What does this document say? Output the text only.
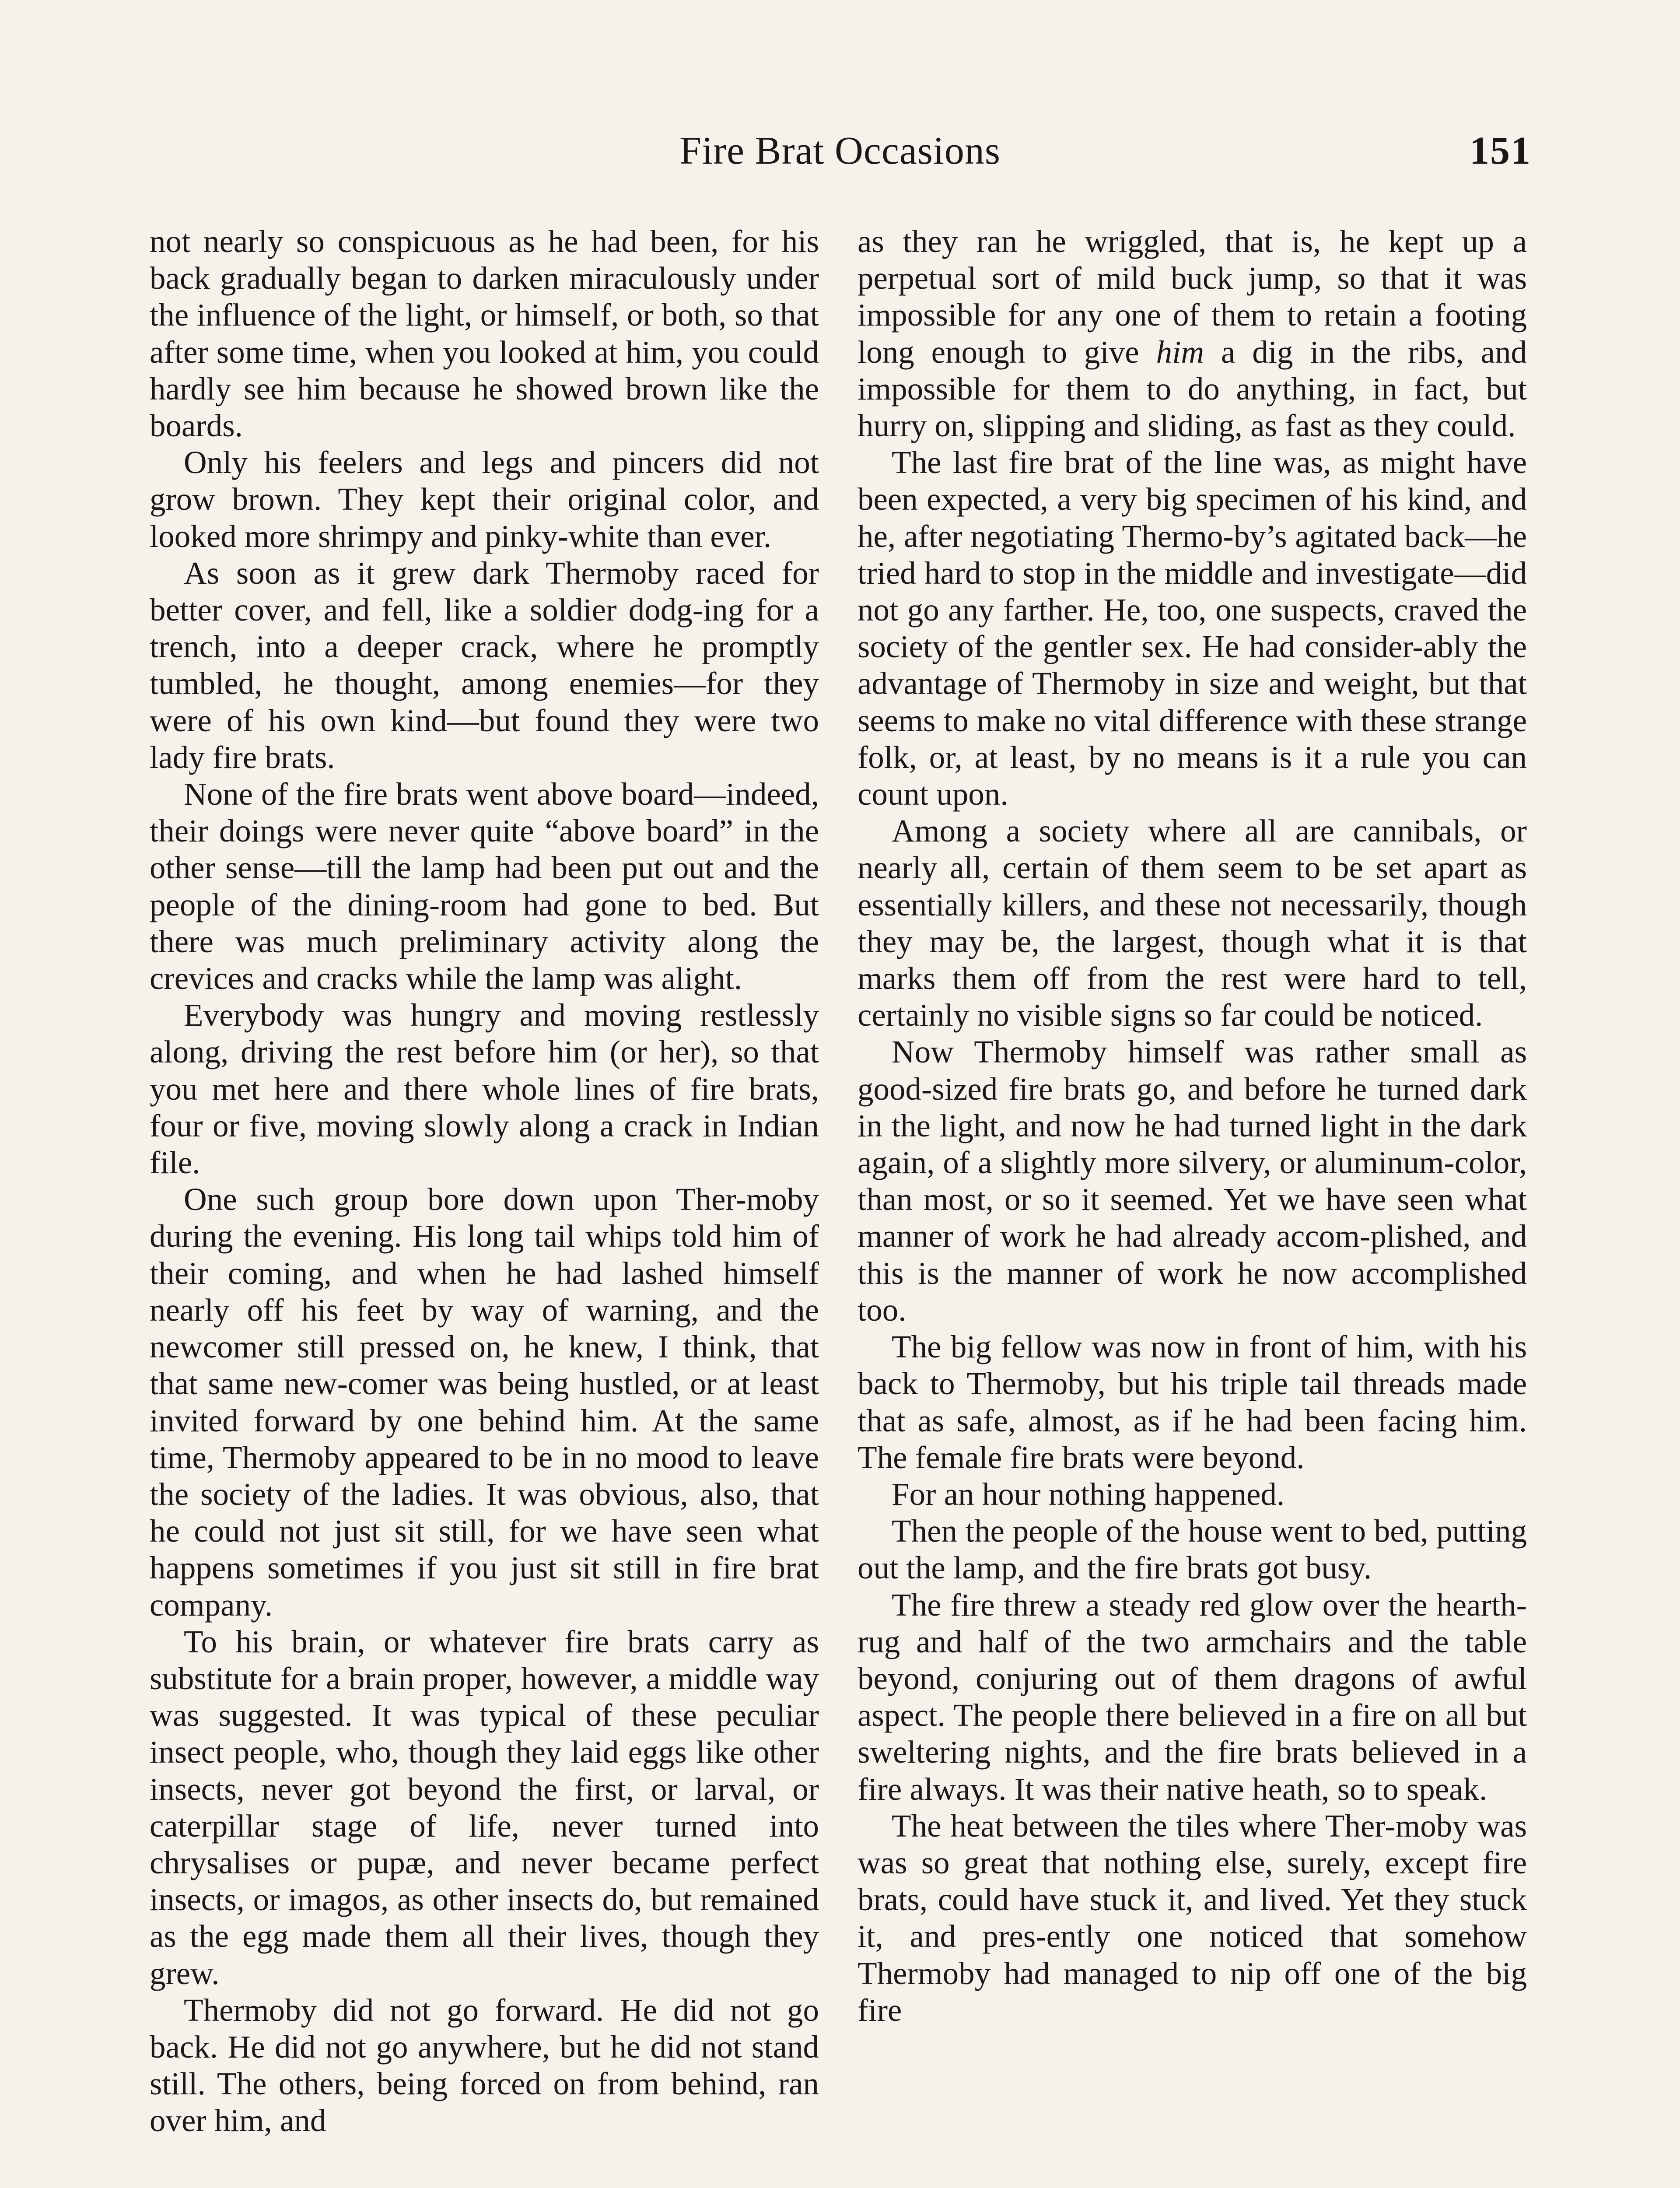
Fire Brat Occasions	151

not nearly so conspicuous as he had been, for his back gradually began to darken miraculously under the influence of the light, or himself, or both, so that after some time, when you looked at him, you could hardly see him because he showed brown like the boards.

Only his feelers and legs and pincers did not grow brown. They kept their original color, and looked more shrimpy and pinky-white than ever.

As soon as it grew dark Thermoby raced for better cover, and fell, like a soldier dodg-ing for a trench, into a deeper crack, where he promptly tumbled, he thought, among enemies—for they were of his own kind—but found they were two lady fire brats.

None of the fire brats went above board—indeed, their doings were never quite “above board” in the other sense—till the lamp had been put out and the people of the dining-room had gone to bed. But there was much preliminary activity along the crevices and cracks while the lamp was alight.

Everybody was hungry and moving restlessly along, driving the rest before him (or her), so that you met here and there whole lines of fire brats, four or five, moving slowly along a crack in Indian file.

One such group bore down upon Ther-moby during the evening. His long tail whips told him of their coming, and when he had lashed himself nearly off his feet by way of warning, and the newcomer still pressed on, he knew, I think, that that same new-comer was being hustled, or at least invited forward by one behind him. At the same time, Thermoby appeared to be in no mood to leave the society of the ladies. It was obvious, also, that he could not just sit still, for we have seen what happens sometimes if you just sit still in fire brat company.

To his brain, or whatever fire brats carry as substitute for a brain proper, however, a middle way was suggested. It was typical of these peculiar insect people, who, though they laid eggs like other insects, never got beyond the first, or larval, or caterpillar stage of life, never turned into chrysalises or pupæ, and never became perfect insects, or imagos, as other insects do, but remained as the egg made them all their lives, though they grew.

Thermoby did not go forward. He did not go back. He did not go anywhere, but he did not stand still. The others, being forced on from behind, ran over him, and

as they ran he wriggled, that is, he kept up a perpetual sort of mild buck jump, so that it was impossible for any one of them to retain a footing long enough to give him a dig in the ribs, and impossible for them to do anything, in fact, but hurry on, slipping and sliding, as fast as they could.

The last fire brat of the line was, as might have been expected, a very big specimen of his kind, and he, after negotiating Thermo-by’s agitated back—he tried hard to stop in the middle and investigate—did not go any farther. He, too, one suspects, craved the society of the gentler sex. He had consider-ably the advantage of Thermoby in size and weight, but that seems to make no vital difference with these strange folk, or, at least, by no means is it a rule you can count upon.

Among a society where all are cannibals, or nearly all, certain of them seem to be set apart as essentially killers, and these not necessarily, though they may be, the largest, though what it is that marks them off from the rest were hard to tell, certainly no visible signs so far could be noticed.

Now Thermoby himself was rather small as good-sized fire brats go, and before he turned dark in the light, and now he had turned light in the dark again, of a slightly more silvery, or aluminum-color, than most, or so it seemed. Yet we have seen what manner of work he had already accom-plished, and this is the manner of work he now accomplished too.

The big fellow was now in front of him, with his back to Thermoby, but his triple tail threads made that as safe, almost, as if he had been facing him. The female fire brats were beyond.

For an hour nothing happened.

Then the people of the house went to bed, putting out the lamp, and the fire brats got busy.

The fire threw a steady red glow over the hearth-rug and half of the two armchairs and the table beyond, conjuring out of them dragons of awful aspect. The people there believed in a fire on all but sweltering nights, and the fire brats believed in a fire always. It was their native heath, so to speak.

The heat between the tiles where Ther-moby was was so great that nothing else, surely, except fire brats, could have stuck it, and lived. Yet they stuck it, and pres-ently one noticed that somehow Thermoby had managed to nip off one of the big fire
